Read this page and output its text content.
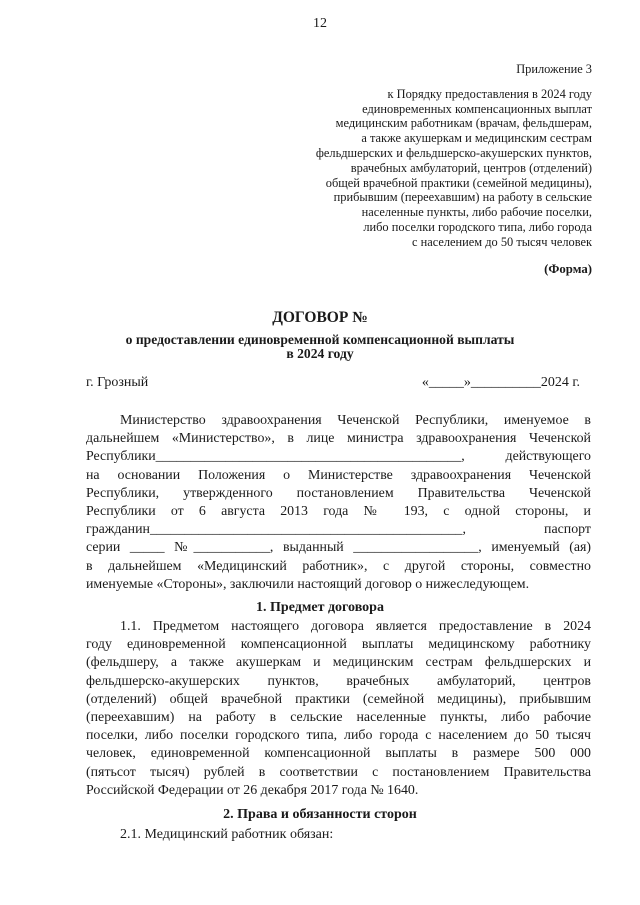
12
Приложение 3
к Порядку предоставления в 2024 году
единовременных компенсационных выплат
медицинским работникам (врачам, фельдшерам,
а также акушеркам и медицинским сестрам
фельдшерских и фельдшерско-акушерских пунктов,
врачебных амбулаторий, центров (отделений)
общей врачебной практики (семейной медицины),
прибывшим (переехавшим) на работу в сельские
населенные пункты, либо рабочие поселки,
либо поселки городского типа, либо города
с населением до 50 тысяч человек
(Форма)
ДОГОВОР №
о предоставлении единовременной компенсационной выплаты
в 2024 году
г. Грозный	«_____»__________2024 г.
Министерство здравоохранения Чеченской Республики, именуемое в
дальнейшем «Министерство», в лице министра здравоохранения Чеченской
Республики____________________________________________, действующего
на основании Положения о Министерстве здравоохранения Чеченской
Республики, утвержденного постановлением Правительства Чеченской
Республики от 6 августа 2013 года № 193, с одной стороны, и
гражданин_____________________________________________, паспорт
серии _____ №___________, выданный __________________, именуемый (ая)
в дальнейшем «Медицинский работник», с другой стороны, совместно
именуемые «Стороны», заключили настоящий договор о нижеследующем.
1. Предмет договора
1.1. Предметом настоящего договора является предоставление в 2024
году единовременной компенсационной выплаты медицинскому работнику
(фельдшеру, а также акушеркам и медицинским сестрам фельдшерских и
фельдшерско-акушерских пунктов, врачебных амбулаторий, центров
(отделений) общей врачебной практики (семейной медицины), прибывшим
(переехавшим) на работу в сельские населенные пункты, либо рабочие
поселки, либо поселки городского типа, либо города с населением до 50 тысяч
человек, единовременной компенсационной выплаты в размере 500 000
(пятьсот тысяч) рублей в соответствии с постановлением Правительства
Российской Федерации от 26 декабря 2017 года № 1640.
2. Права и обязанности сторон
2.1. Медицинский работник обязан:
